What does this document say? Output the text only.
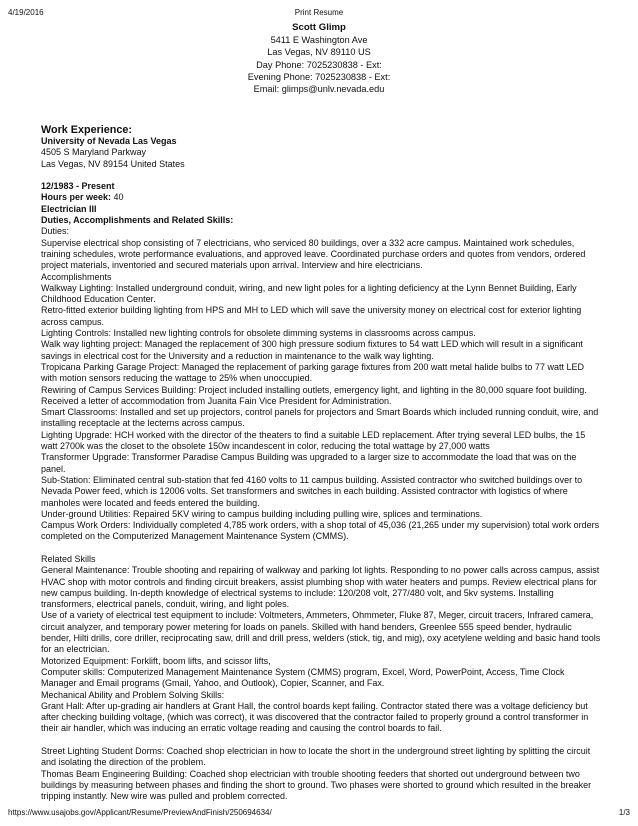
4/19/2016	Print Resume
Scott Glimp
5411 E Washington Ave
Las Vegas, NV 89110 US
Day Phone: 7025230838 - Ext:
Evening Phone: 7025230838 - Ext:
Email: glimps@unlv.nevada.edu

Work Experience:

University of Nevada Las Vegas

4505 S Maryland Parkway

Las Vegas, NV 89154 United States

12/1983 - Present

Hours per week: 40

Electrician III

Duties, Accomplishments and Related Skills:

Duties:

Supervise electrical shop consisting of 7 electricians, who serviced 80 buildings, over a 332 acre campus. Maintained work schedules, training schedules, wrote performance evaluations, and approved leave. Coordinated purchase orders and quotes from vendors, ordered project materials, inventoried and secured materials upon arrival. Interview and hire electricians.

Accomplishments

Walkway Lighting: Installed underground conduit, wiring, and new light poles for a lighting deficiency at the Lynn Bennet Building, Early Childhood Education Center.

Retro-fitted exterior building lighting from HPS and MH to LED which will save the university money on electrical cost for exterior lighting across campus.

Lighting Controls: Installed new lighting controls for obsolete dimming systems in classrooms across campus.

Walk way lighting project: Managed the replacement of 300 high pressure sodium fixtures to 54 watt LED which will result in a significant savings in electrical cost for the University and a reduction in maintenance to the walk way lighting.

Tropicana Parking Garage Project: Managed the replacement of parking garage fixtures from 200 watt metal halide bulbs to 77 watt LED with motion sensors reducing the wattage to 25% when unoccupied.

Rewiring of Campus Services Building: Project included installing outlets, emergency light, and lighting in the 80,000 square foot building. Received a letter of accommodation from Juanita Fain Vice President for Administration.

Smart Classrooms: Installed and set up projectors, control panels for projectors and Smart Boards which included running conduit, wire, and installing receptacle at the lecterns across campus.

Lighting Upgrade: HCH worked with the director of the theaters to find a suitable LED replacement. After trying several LED bulbs, the 15 watt 2700k was the closet to the obsolete 150w incandescent in color, reducing the total wattage by 27,000 watts

Transformer Upgrade: Transformer Paradise Campus Building was upgraded to a larger size to accommodate the load that was on the panel.

Sub-Station: Eliminated central sub-station that fed 4160 volts to 11 campus building. Assisted contractor who switched buildings over to Nevada Power feed, which is 12006 volts. Set transformers and switches in each building. Assisted contractor with logistics of where manholes were located and feeds entered the building.

Under-ground Utilities: Repaired 5KV wiring to campus building including pulling wire, splices and terminations.

Campus Work Orders: Individually completed 4,785 work orders, with a shop total of 45,036 (21,265 under my supervision) total work orders completed on the Computerized Management Maintenance System (CMMS).

Related Skills

General Maintenance: Trouble shooting and repairing of walkway and parking lot lights. Responding to no power calls across campus, assist HVAC shop with motor controls and finding circuit breakers, assist plumbing shop with water heaters and pumps. Review electrical plans for new campus building. In-depth knowledge of electrical systems to include: 120/208 volt, 277/480 volt, and 5kv systems. Installing transformers, electrical panels, conduit, wiring, and light poles.

Use of a variety of electrical test equipment to include: Voltmeters, Ammeters, Ohmmeter, Fluke 87, Meger, circuit tracers, Infrared camera, circuit analyzer, and temporary power metering for loads on panels. Skilled with hand benders, Greenlee 555 speed bender, hydraulic bender, Hilti drills, core driller, reciprocating saw, drill and drill press, welders (stick, tig, and mig), oxy acetylene welding and basic hand tools for an electrician.

Motorized Equipment: Forklift, boom lifts, and scissor lifts,

Computer skills: Computerized Management Maintenance System (CMMS) program, Excel, Word, PowerPoint, Access, Time Clock Manager and Email programs (Gmail, Yahoo, and Outlook), Copier, Scanner, and Fax.

Mechanical Ability and Problem Solving Skills:

Grant Hall: After up-grading air handlers at Grant Hall, the control boards kept failing. Contractor stated there was a voltage deficiency but after checking building voltage, (which was correct), it was discovered that the contractor failed to properly ground a control transformer in their air handler, which was inducing an erratic voltage reading and causing the control boards to fail.

Street Lighting Student Dorms: Coached shop electrician in how to locate the short in the underground street lighting by splitting the circuit and isolating the direction of the problem.

Thomas Beam Engineering Building: Coached shop electrician with trouble shooting feeders that shorted out underground between two buildings by measuring between phases and finding the short to ground. Two phases were shorted to ground which resulted in the breaker tripping instantly. New wire was pulled and problem corrected.

https://www.usajobs.gov/Applicant/Resume/PreviewAndFinish/250694634/	1/3
